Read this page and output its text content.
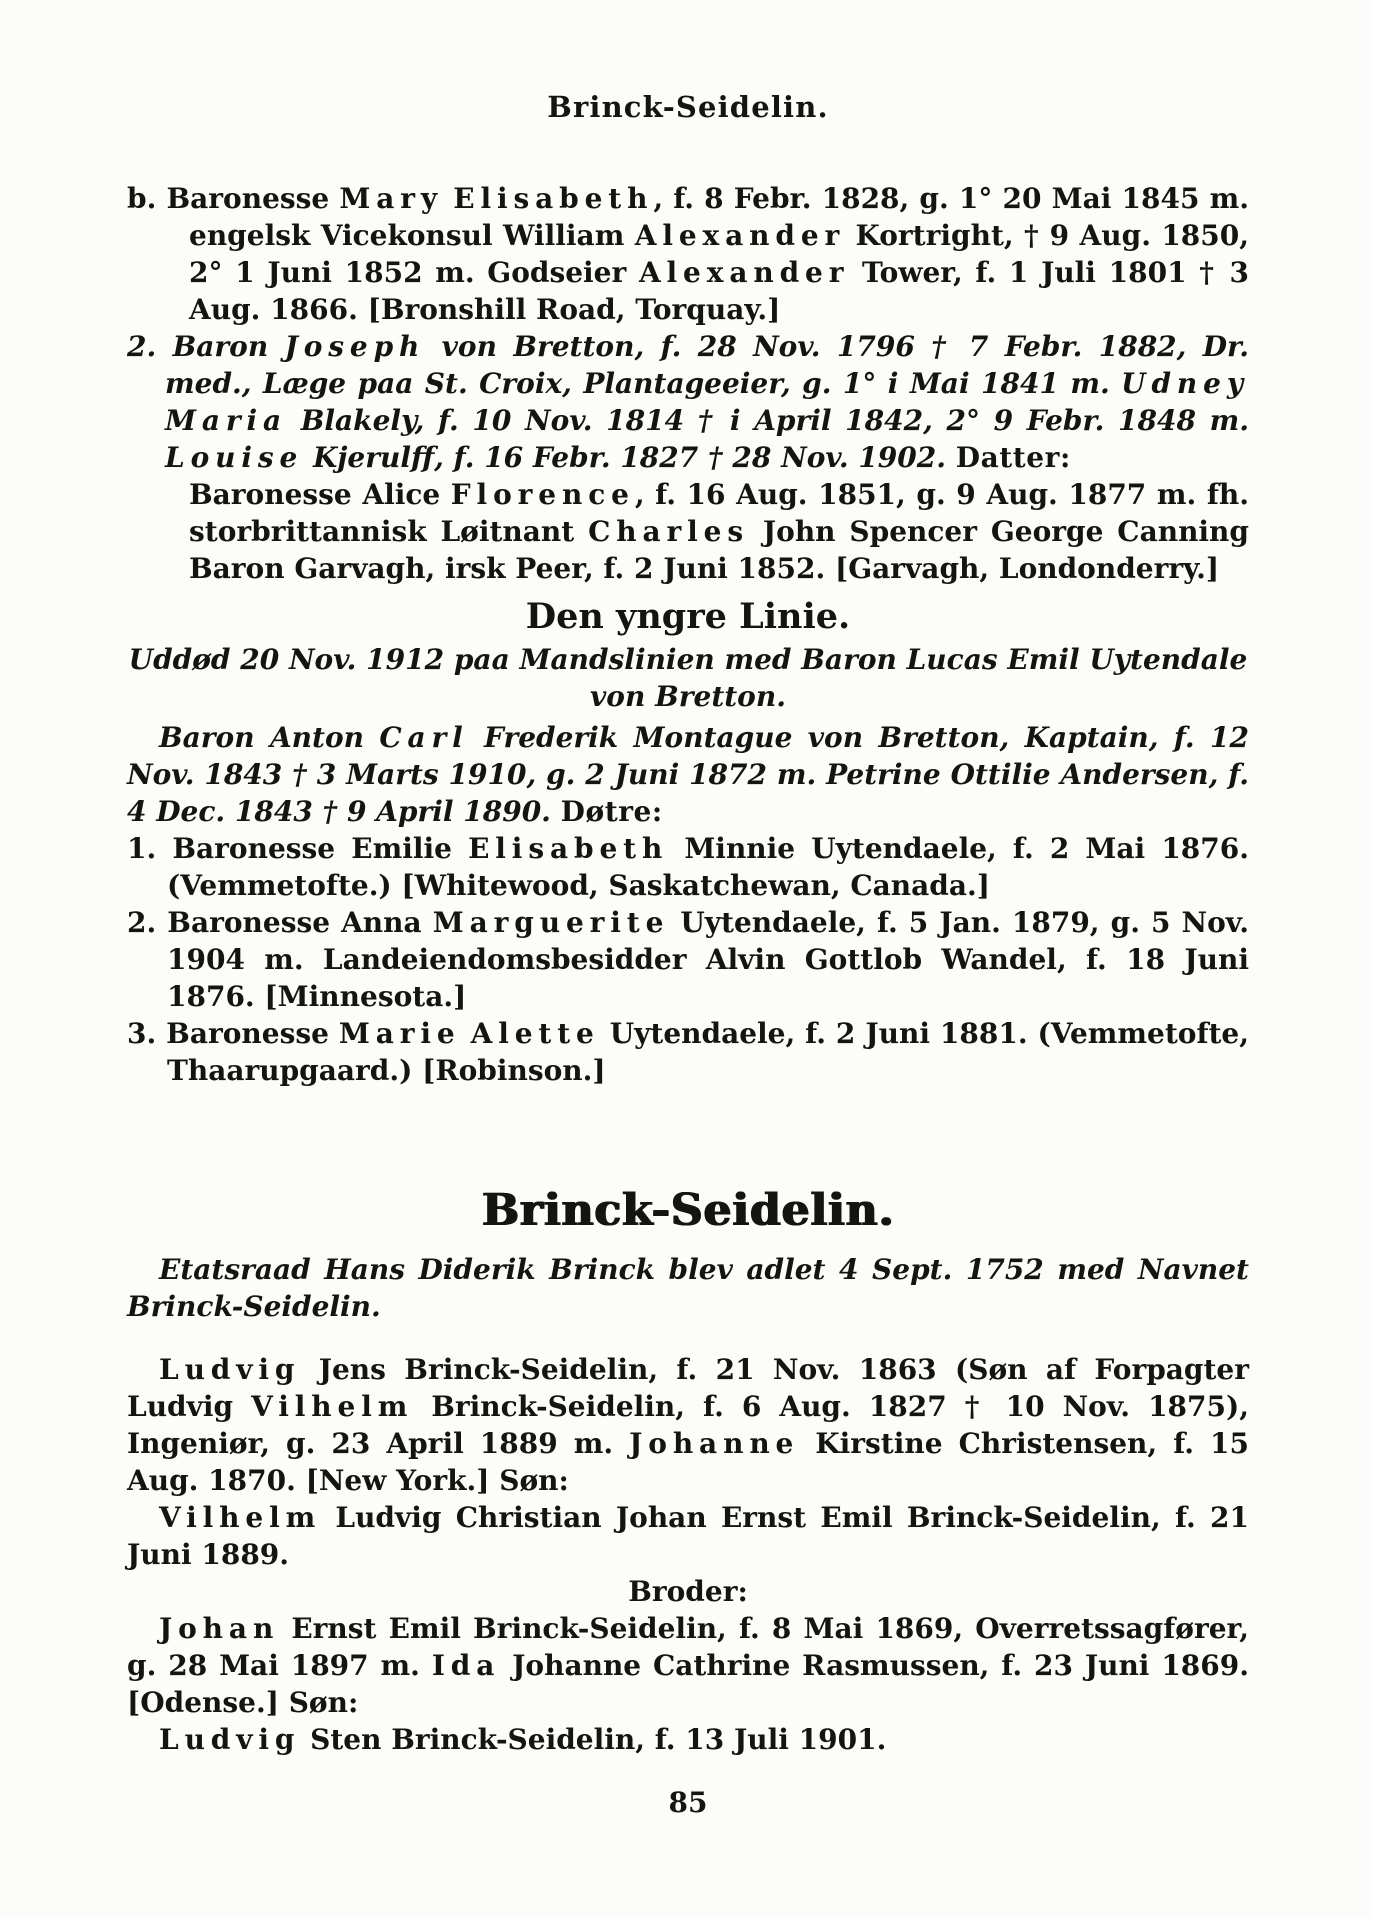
Brinck-Seidelin.

b. Baronesse Mary Elisabeth, f. 8 Febr. 1828, g. 1° 20 Mai 1845 m. engelsk Vicekonsul William Alexander Kortright, † 9 Aug. 1850, 2° 1 Juni 1852 m. Godseier Alexander Tower, f. 1 Juli 1801 † 3 Aug. 1866. [Bronshill Road, Torquay.]

2. Baron Joseph von Bretton, f. 28 Nov. 1796 † 7 Febr. 1882, Dr. med., Læge paa St. Croix, Plantageeier, g. 1° i Mai 1841 m. Udney Maria Blakely, f. 10 Nov. 1814 † i April 1842, 2° 9 Febr. 1848 m. Louise Kjerulff, f. 16 Febr. 1827 † 28 Nov. 1902. Datter:

Baronesse Alice Florence, f. 16 Aug. 1851, g. 9 Aug. 1877 m. fh. storbrittannisk Løitnant Charles John Spencer George Canning Baron Garvagh, irsk Peer, f. 2 Juni 1852. [Garvagh, Londonderry.]

Den yngre Linie.
Uddød 20 Nov. 1912 paa Mandslinien med Baron Lucas Emil Uytendale von Bretton.

Baron Anton Carl Frederik Montague von Bretton, Kaptain, f. 12 Nov. 1843 † 3 Marts 1910, g. 2 Juni 1872 m. Petrine Ottilie Andersen, f. 4 Dec. 1843 † 9 April 1890. Døtre:

1. Baronesse Emilie Elisabeth Minnie Uytendaele, f. 2 Mai 1876. (Vemmetofte.) [Whitewood, Saskatchewan, Canada.]

2. Baronesse Anna Marguerite Uytendaele, f. 5 Jan. 1879, g. 5 Nov. 1904 m. Landeiendomsbesidder Alvin Gottlob Wandel, f. 18 Juni 1876. [Minnesota.]

3. Baronesse Marie Alette Uytendaele, f. 2 Juni 1881. (Vemmetofte, Thaarupgaard.) [Robinson.]

Brinck-Seidelin.

Etatsraad Hans Diderik Brinck blev adlet 4 Sept. 1752 med Navnet Brinck-Seidelin.

Ludvig Jens Brinck-Seidelin, f. 21 Nov. 1863 (Søn af Forpagter Ludvig Vilhelm Brinck-Seidelin, f. 6 Aug. 1827 † 10 Nov. 1875), Ingeniør, g. 23 April 1889 m. Johanne Kirstine Christensen, f. 15 Aug. 1870. [New York.] Søn:

Vilhelm Ludvig Christian Johan Ernst Emil Brinck-Seidelin, f. 21 Juni 1889.

Broder:

Johan Ernst Emil Brinck-Seidelin, f. 8 Mai 1869, Overretssagfører, g. 28 Mai 1897 m. Ida Johanne Cathrine Rasmussen, f. 23 Juni 1869. [Odense.] Søn:

Ludvig Sten Brinck-Seidelin, f. 13 Juli 1901.

85
